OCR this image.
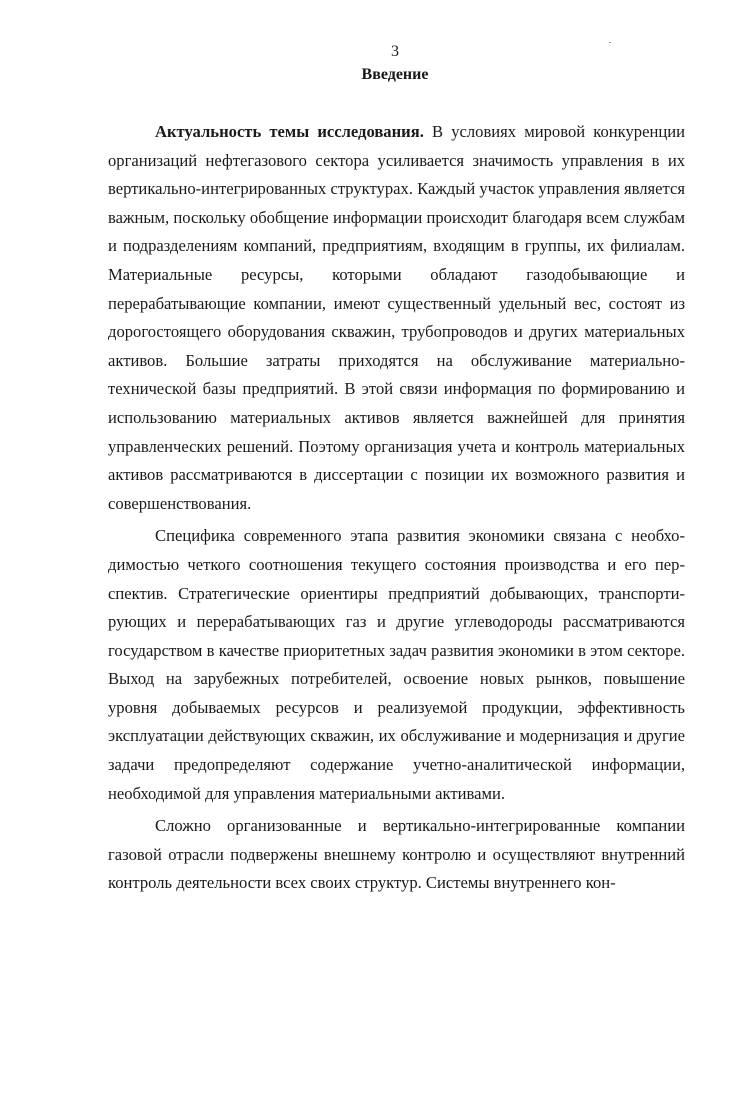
3
Введение

Актуальность темы исследования. В условиях мировой конкуренции организаций нефтегазового сектора усиливается значимость управления в их вертикально-интегрированных структурах. Каждый участок управления является важным, поскольку обобщение информации происходит благодаря всем службам и подразделениям компаний, предприятиям, входящим в группы, их филиалам. Материальные ресурсы, которыми обладают газодобывающие и перерабатывающие компании, имеют существенный удельный вес, состоят из дорогостоящего оборудования скважин, трубопроводов и других материальных активов. Большие затраты приходятся на обслуживание материально-технической базы предприятий. В этой связи информация по формированию и использованию материальных активов является важнейшей для принятия управленческих решений. Поэтому организация учета и контроль материальных активов рассматриваются в диссертации с позиции их возможного развития и совершенствования.

Специфика современного этапа развития экономики связана с необходимостью четкого соотношения текущего состояния производства и его перспектив. Стратегические ориентиры предприятий добывающих, транспортирующих и перерабатывающих газ и другие углеводороды рассматриваются государством в качестве приоритетных задач развития экономики в этом секторе. Выход на зарубежных потребителей, освоение новых рынков, повышение уровня добываемых ресурсов и реализуемой продукции, эффективность эксплуатации действующих скважин, их обслуживание и модернизация и другие задачи предопределяют содержание учетно-аналитической информации, необходимой для управления материальными активами.

Сложно организованные и вертикально-интегрированные компании газовой отрасли подвержены внешнему контролю и осуществляют внутренний контроль деятельности всех своих структур. Системы внутреннего кон-
